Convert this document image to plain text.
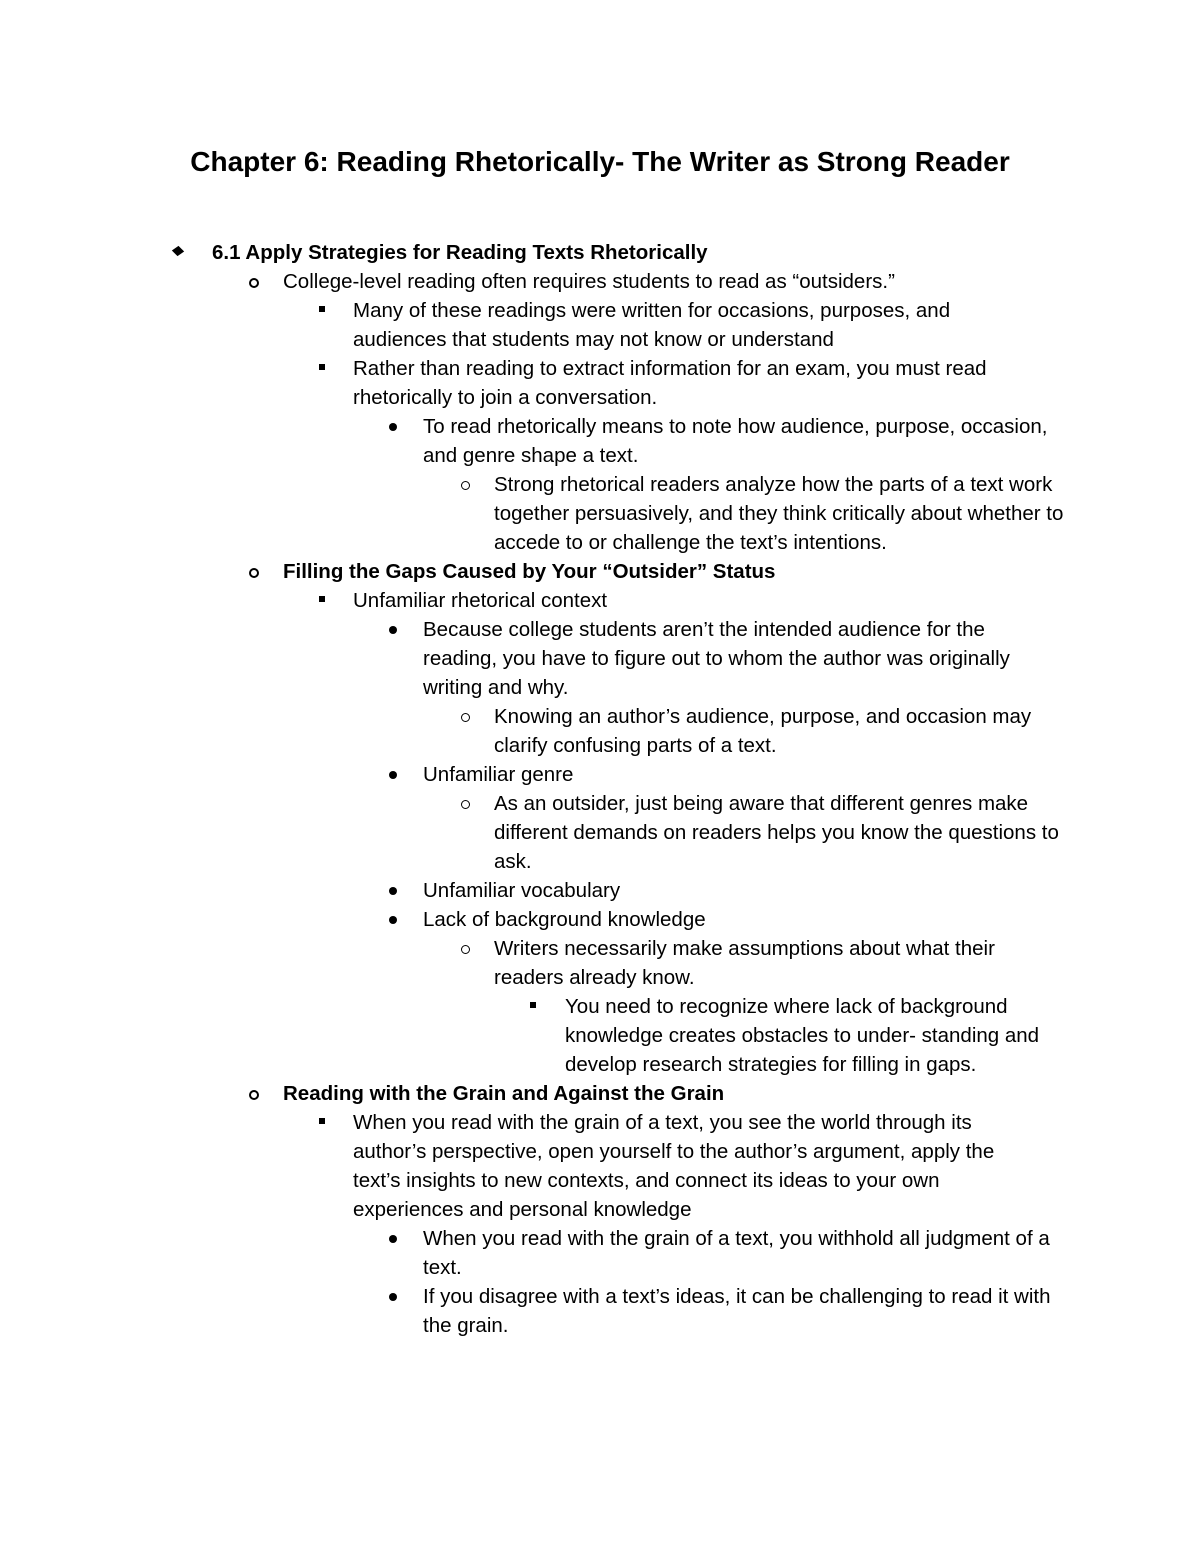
Chapter 6: Reading Rhetorically- The Writer as Strong Reader
6.1 Apply Strategies for Reading Texts Rhetorically
College-level reading often requires students to read as “outsiders.”
Many of these readings were written for occasions, purposes, and audiences that students may not know or understand
Rather than reading to extract information for an exam, you must read rhetorically to join a conversation.
To read rhetorically means to note how audience, purpose, occasion, and genre shape a text.
Strong rhetorical readers analyze how the parts of a text work together persuasively, and they think critically about whether to accede to or challenge the text’s intentions.
Filling the Gaps Caused by Your “Outsider” Status
Unfamiliar rhetorical context
Because college students aren’t the intended audience for the reading, you have to figure out to whom the author was originally writing and why.
Knowing an author’s audience, purpose, and occasion may clarify confusing parts of a text.
Unfamiliar genre
As an outsider, just being aware that different genres make different demands on readers helps you know the questions to ask.
Unfamiliar vocabulary
Lack of background knowledge
Writers necessarily make assumptions about what their readers already know.
You need to recognize where lack of background knowledge creates obstacles to under- standing and develop research strategies for filling in gaps.
Reading with the Grain and Against the Grain
When you read with the grain of a text, you see the world through its author’s perspective, open yourself to the author’s argument, apply the text’s insights to new contexts, and connect its ideas to your own experiences and personal knowledge
When you read with the grain of a text, you withhold all judgment of a text.
If you disagree with a text’s ideas, it can be challenging to read it with the grain.
